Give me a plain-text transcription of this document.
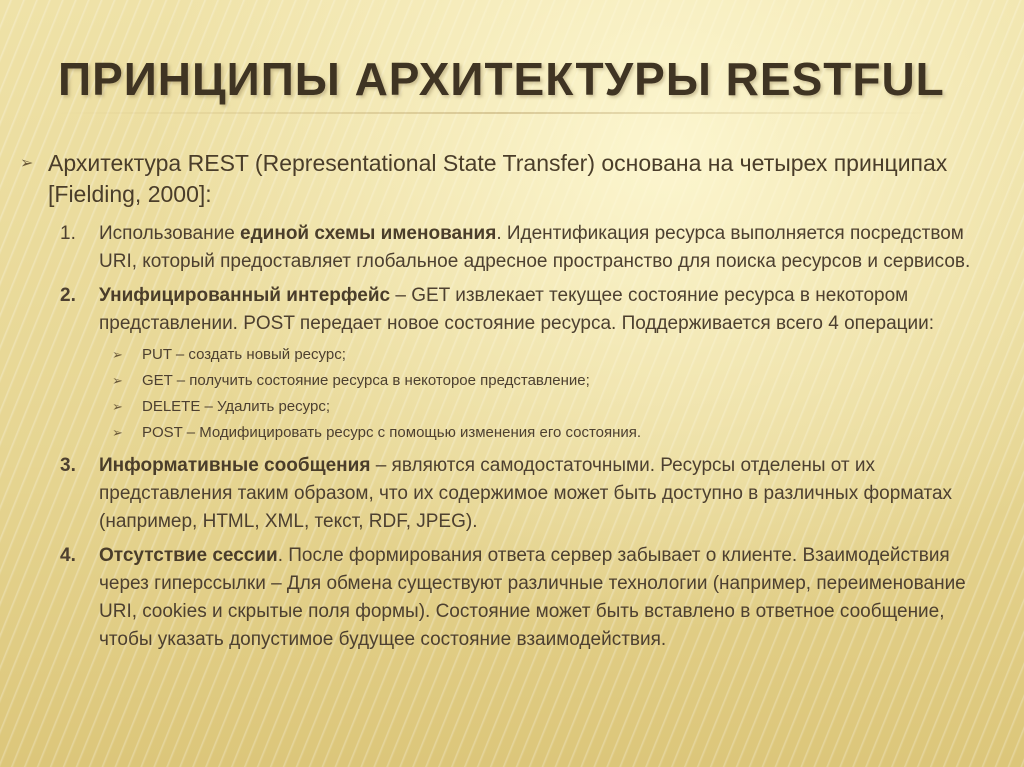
ПРИНЦИПЫ АРХИТЕКТУРЫ RESTFUL
➢ Архитектура REST (Representational State Transfer) основана на четырех принципах [Fielding, 2000]:
1. Использование единой схемы именования. Идентификация ресурса выполняется посредством URI, который предоставляет глобальное адресное пространство для поиска ресурсов и сервисов.
2. Унифицированный интерфейс – GET извлекает текущее состояние ресурса в некотором представлении. POST передает новое состояние ресурса. Поддерживается всего 4 операции:
➢ PUT – создать новый ресурс;
➢ GET – получить состояние ресурса в некоторое представление;
➢ DELETE – Удалить ресурс;
➢ POST – Модифицировать ресурс с помощью изменения его состояния.
3. Информативные сообщения – являются самодостаточными. Ресурсы отделены от их представления таким образом, что их содержимое может быть доступно в различных форматах (например, HTML, XML, текст, RDF, JPEG).
4. Отсутствие сессии. После формирования ответа сервер забывает о клиенте. Взаимодействия через гиперссылки – Для обмена существуют различные технологии (например, переименование URI, cookies и скрытые поля формы). Состояние может быть вставлено в ответное сообщение, чтобы указать допустимое будущее состояние взаимодействия.
